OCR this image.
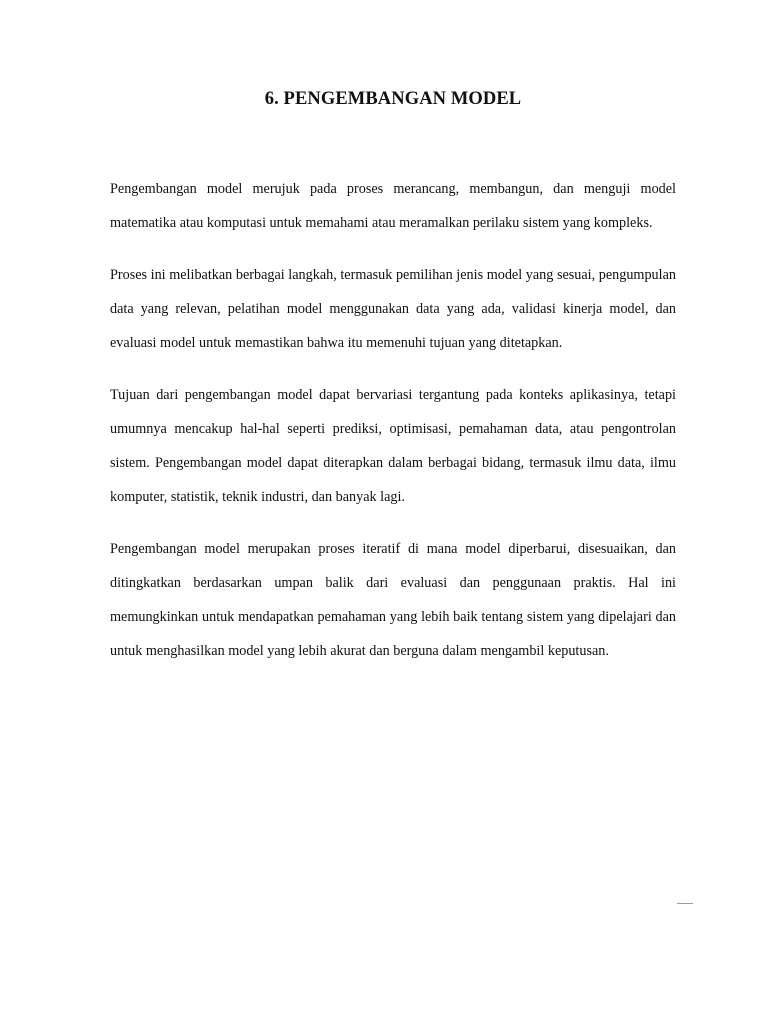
6. PENGEMBANGAN MODEL

Pengembangan model merujuk pada proses merancang, membangun, dan menguji model matematika atau komputasi untuk memahami atau meramalkan perilaku sistem yang kompleks.

Proses ini melibatkan berbagai langkah, termasuk pemilihan jenis model yang sesuai, pengumpulan data yang relevan, pelatihan model menggunakan data yang ada, validasi kinerja model, dan evaluasi model untuk memastikan bahwa itu memenuhi tujuan yang ditetapkan.

Tujuan dari pengembangan model dapat bervariasi tergantung pada konteks aplikasinya, tetapi umumnya mencakup hal-hal seperti prediksi, optimisasi, pemahaman data, atau pengontrolan sistem. Pengembangan model dapat diterapkan dalam berbagai bidang, termasuk ilmu data, ilmu komputer, statistik, teknik industri, dan banyak lagi.

Pengembangan model merupakan proses iteratif di mana model diperbarui, disesuaikan, dan ditingkatkan berdasarkan umpan balik dari evaluasi dan penggunaan praktis. Hal ini memungkinkan untuk mendapatkan pemahaman yang lebih baik tentang sistem yang dipelajari dan untuk menghasilkan model yang lebih akurat dan berguna dalam mengambil keputusan.
